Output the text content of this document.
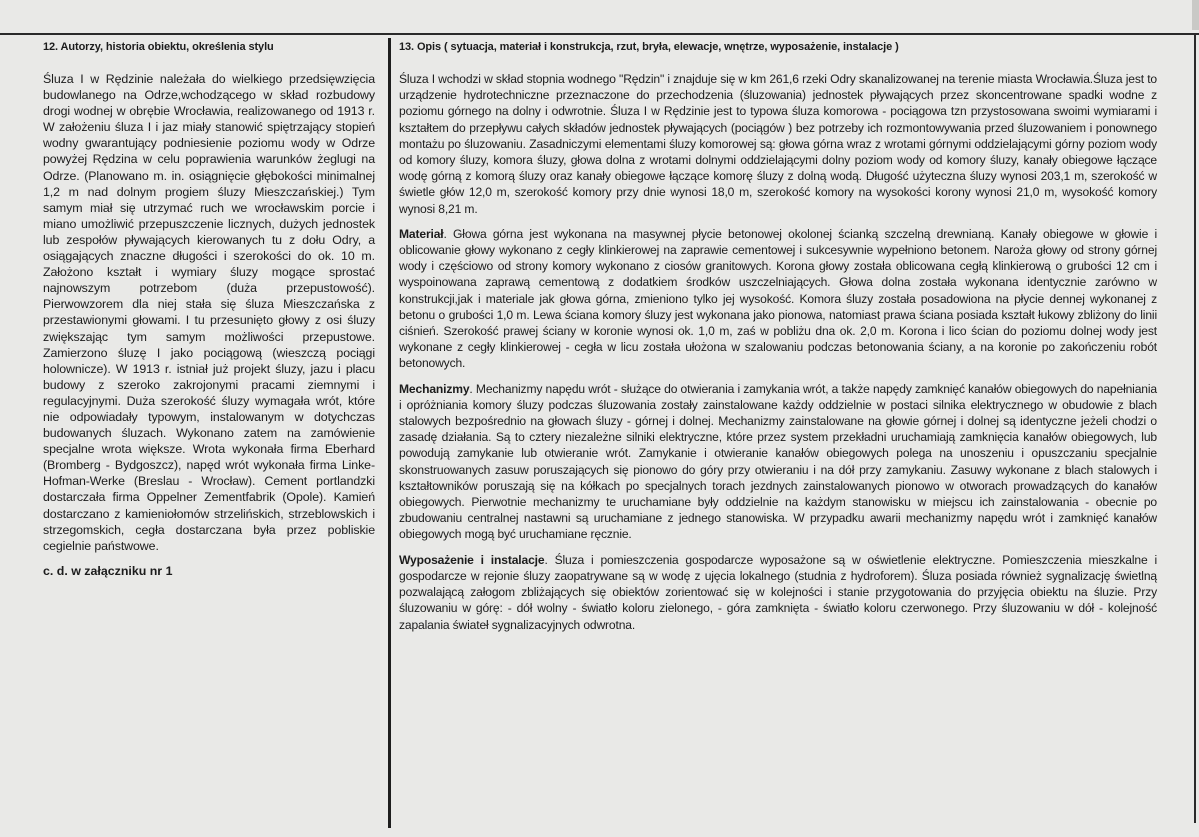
12. Autorzy, historia obiektu, określenia stylu

Śluza I w Rędzinie należała do wielkiego przedsięwzięcia budowlanego na Odrze,wchodzącego w skład rozbudowy drogi wodnej w obrębie Wrocławia, realizowanego od 1913 r. W założeniu śluza I i jaz miały stanowić spiętrzający stopień wodny gwarantujący podniesienie poziomu wody w Odrze powyżej Rędzina w celu poprawienia warunków żeglugi na Odrze. (Planowano m. in. osiągnięcie głębokości minimalnej 1,2 m nad dolnym progiem śluzy Mieszczańskiej.) Tym samym miał się utrzymać ruch we wrocławskim porcie i miano umożliwić przepuszczenie licznych, dużych jednostek lub zespołów pływających kierowanych tu z dołu Odry, a osiągających znaczne długości i szerokości do ok. 10 m. Założono kształt i wymiary śluzy mogące sprostać najnowszym potrzebom (duża przepustowość). Pierwowzorem dla niej stała się śluza Mieszczańska z przestawionymi głowami. I tu przesunięto głowy z osi śluzy zwiększając tym samym możliwości przepustowe. Zamierzono śluzę I jako pociągową (wieszczą pociągi holownicze). W 1913 r. istniał już projekt śluzy, jazu i placu budowy z szeroko zakrojonymi pracami ziemnymi i regulacyjnymi. Duża szerokość śluzy wymagała wrót, które nie odpowiadały typowym, instalowanym w dotychczas budowanych śluzach. Wykonano zatem na zamówienie specjalne wrota większe. Wrota wykonała firma Eberhard (Bromberg - Bydgoszcz), napęd wrót wykonała firma Linke-Hofman-Werke (Breslau - Wrocław). Cement portlandzki dostarczała firma Oppelner Zementfabrik (Opole). Kamień dostarczano z kamieniołomów strzelińskich, strzeblowskich i strzegomskich, cegła dostarczana była przez pobliskie cegielnie państwowe.

c. d. w załączniku nr 1
13. Opis ( sytuacja, materiał i konstrukcja, rzut, bryła, elewacje, wnętrze, wyposażenie, instalacje )

Śluza I wchodzi w skład stopnia wodnego "Rędzin" i znajduje się w km 261,6 rzeki Odry skanalizowanej na terenie miasta Wrocławia.Śluza jest to urządzenie hydrotechniczne przeznaczone do przechodzenia (śluzowania) jednostek pływających przez skoncentrowane spadki wodne z poziomu górnego na dolny i odwrotnie. Śluza I w Rędzinie jest to typowa śluza komorowa - pociągowa tzn przystosowana swoimi wymiarami i kształtem do przepływu całych składów jednostek pływających (pociągów ) bez potrzeby ich rozmontowywania przed śluzowaniem i ponownego montażu po śluzowaniu. Zasadniczymi elementami śluzy komorowej są: głowa górna wraz z wrotami górnymi oddzielającymi górny poziom wody od komory śluzy, komora śluzy, głowa dolna z wrotami dolnymi oddzielającymi dolny poziom wody od komory śluzy, kanały obiegowe łączące wodę górną z komorą śluzy oraz kanały obiegowe łączące komorę śluzy z dolną wodą. Długość użyteczna śluzy wynosi 203,1 m, szerokość w świetle głów 12,0 m, szerokość komory przy dnie wynosi 18,0 m, szerokość komory na wysokości korony wynosi 21,0 m, wysokość komory wynosi 8,21 m.

Materiał. Głowa górna jest wykonana na masywnej płycie betonowej okolonej ścianką szczelną drewnianą. Kanały obiegowe w głowie i oblicowanie głowy wykonano z cegły klinkierowej na zaprawie cementowej i sukcesywnie wypełniono betonem. Naroża głowy od strony górnej wody i częściowo od strony komory wykonano z ciosów granitowych. Korona głowy została oblicowana cegłą klinkierową o grubości 12 cm i wyspoinowana zaprawą cementową z dodatkiem środków uszczelniających. Głowa dolna została wykonana identycznie zarówno w konstrukcji,jak i materiale jak głowa górna, zmieniono tylko jej wysokość. Komora śluzy została posadowiona na płycie dennej wykonanej z betonu o grubości 1,0 m. Lewa ściana komory śluzy jest wykonana jako pionowa, natomiast prawa ściana posiada kształt łukowy zbliżony do linii ciśnień. Szerokość prawej ściany w koronie wynosi ok. 1,0 m, zaś w pobliżu dna ok. 2,0 m. Korona i lico ścian do poziomu dolnej wody jest wykonane z cegły klinkierowej - cegła w licu została ułożona w szalowaniu podczas betonowania ściany, a na koronie po zakończeniu robót betonowych.

Mechanizmy. Mechanizmy napędu wrót - służące do otwierania i zamykania wrót, a także napędy zamknięć kanałów obiegowych do napełniania i opróżniania komory śluzy podczas śluzowania zostały zainstalowane każdy oddzielnie w postaci silnika elektrycznego w obudowie z blach stalowych bezpośrednio na głowach śluzy - górnej i dolnej. Mechanizmy zainstalowane na głowie górnej i dolnej są identyczne jeżeli chodzi o zasadę działania. Są to cztery niezależne silniki elektryczne, które przez system przekładni uruchamiają zamknięcia kanałów obiegowych, lub powodują zamykanie lub otwieranie wrót. Zamykanie i otwieranie kanałów obiegowych polega na unoszeniu i opuszczaniu specjalnie skonstruowanych zasuw poruszających się pionowo do góry przy otwieraniu i na dół przy zamykaniu. Zasuwy wykonane z blach stalowych i kształtowników poruszają się na kółkach po specjalnych torach jezdnych zainstalowanych pionowo w otworach prowadzących do kanałów obiegowych. Pierwotnie mechanizmy te uruchamiane były oddzielnie na każdym stanowisku w miejscu ich zainstalowania - obecnie po zbudowaniu centralnej nastawni są uruchamiane z jednego stanowiska. W przypadku awarii mechanizmy napędu wrót i zamknięć kanałów obiegowych mogą być uruchamiane ręcznie.

Wyposażenie i instalacje. Śluza i pomieszczenia gospodarcze wyposażone są w oświetlenie elektryczne. Pomieszczenia mieszkalne i gospodarcze w rejonie śluzy zaopatrywane są w wodę z ujęcia lokalnego (studnia z hydroforem). Śluza posiada również sygnalizację świetlną pozwalającą załogom zbliżających się obiektów zorientować się w kolejności i stanie przygotowania do przyjęcia obiektu na śluzie. Przy śluzowaniu w górę: - dół wolny - światło koloru zielonego, - góra zamknięta - światło koloru czerwonego. Przy śluzowaniu w dół - kolejność zapalania świateł sygnalizacyjnych odwrotna.
